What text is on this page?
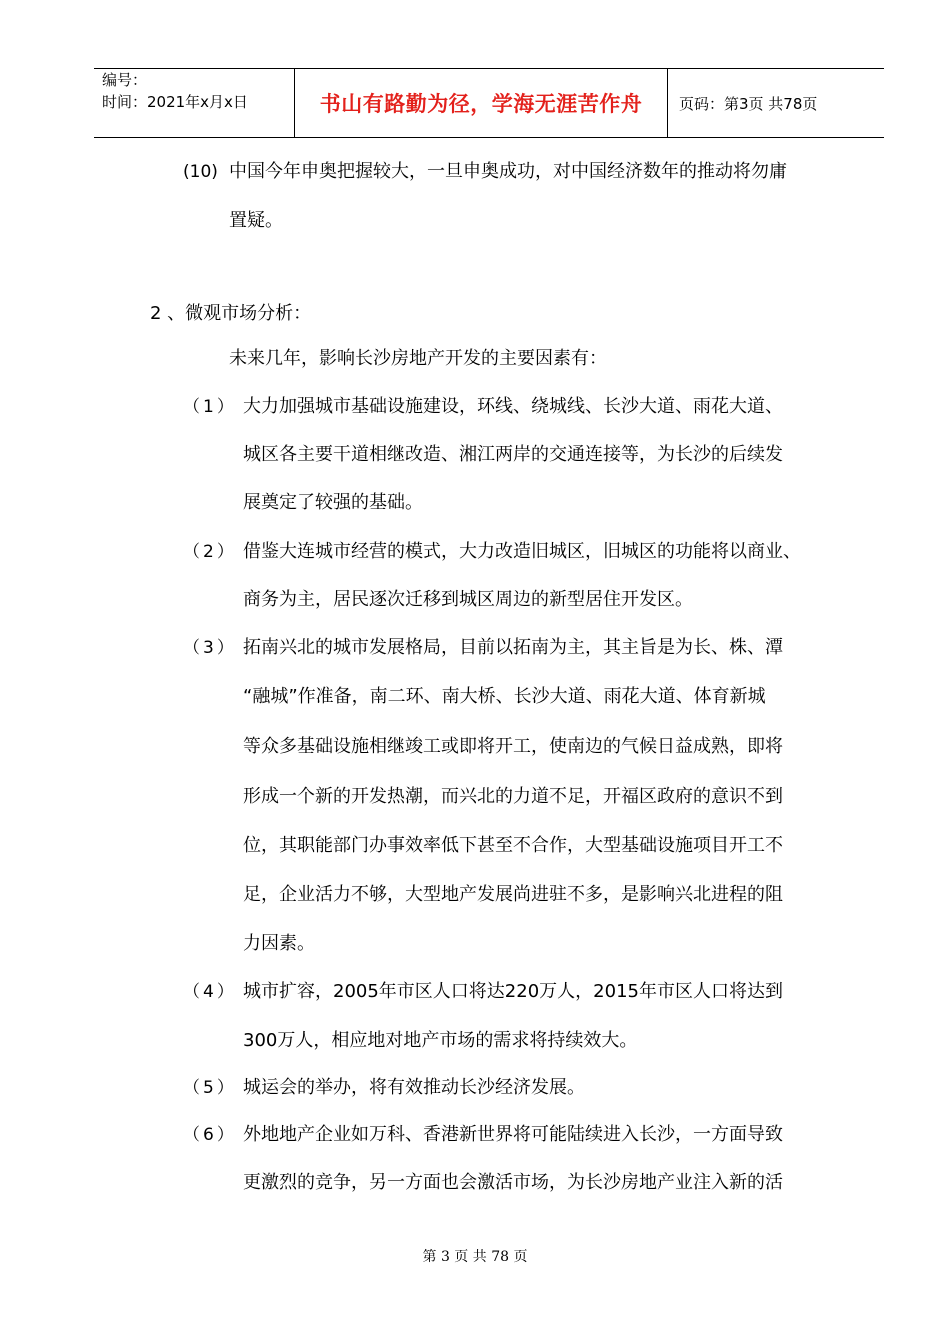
编号：
时间：2021年x月x日	书山有路勤为径，学海无涯苦作舟	页码：第3页 共78页
(10) 中国今年申奥把握较大，一旦申奥成功，对中国经济数年的推动将勿庸
置疑。
2 、微观市场分析：
未来几年，影响长沙房地产开发的主要因素有：
（1） 大力加强城市基础设施建设，环线、绕城线、长沙大道、雨花大道、
城区各主要干道相继改造、湘江两岸的交通连接等，为长沙的后续发
展奠定了较强的基础。
（2） 借鉴大连城市经营的模式，大力改造旧城区，旧城区的功能将以商业、
商务为主，居民逐次迁移到城区周边的新型居住开发区。
（3） 拓南兴北的城市发展格局，目前以拓南为主，其主旨是为长、株、潭
“融城”作准备，南二环、南大桥、长沙大道、雨花大道、体育新城
等众多基础设施相继竣工或即将开工，使南边的气候日益成熟，即将
形成一个新的开发热潮，而兴北的力道不足，开福区政府的意识不到
位，其职能部门办事效率低下甚至不合作，大型基础设施项目开工不
足，企业活力不够，大型地产发展尚进驻不多，是影响兴北进程的阻
力因素。
（4） 城市扩容，2005年市区人口将达220万人，2015年市区人口将达到
300万人，相应地对地产市场的需求将持续效大。
（5） 城运会的举办，将有效推动长沙经济发展。
（6） 外地地产企业如万科、香港新世界将可能陆续进入长沙，一方面导致
更激烈的竞争，另一方面也会激活市场，为长沙房地产业注入新的活
第 3 页 共 78 页
